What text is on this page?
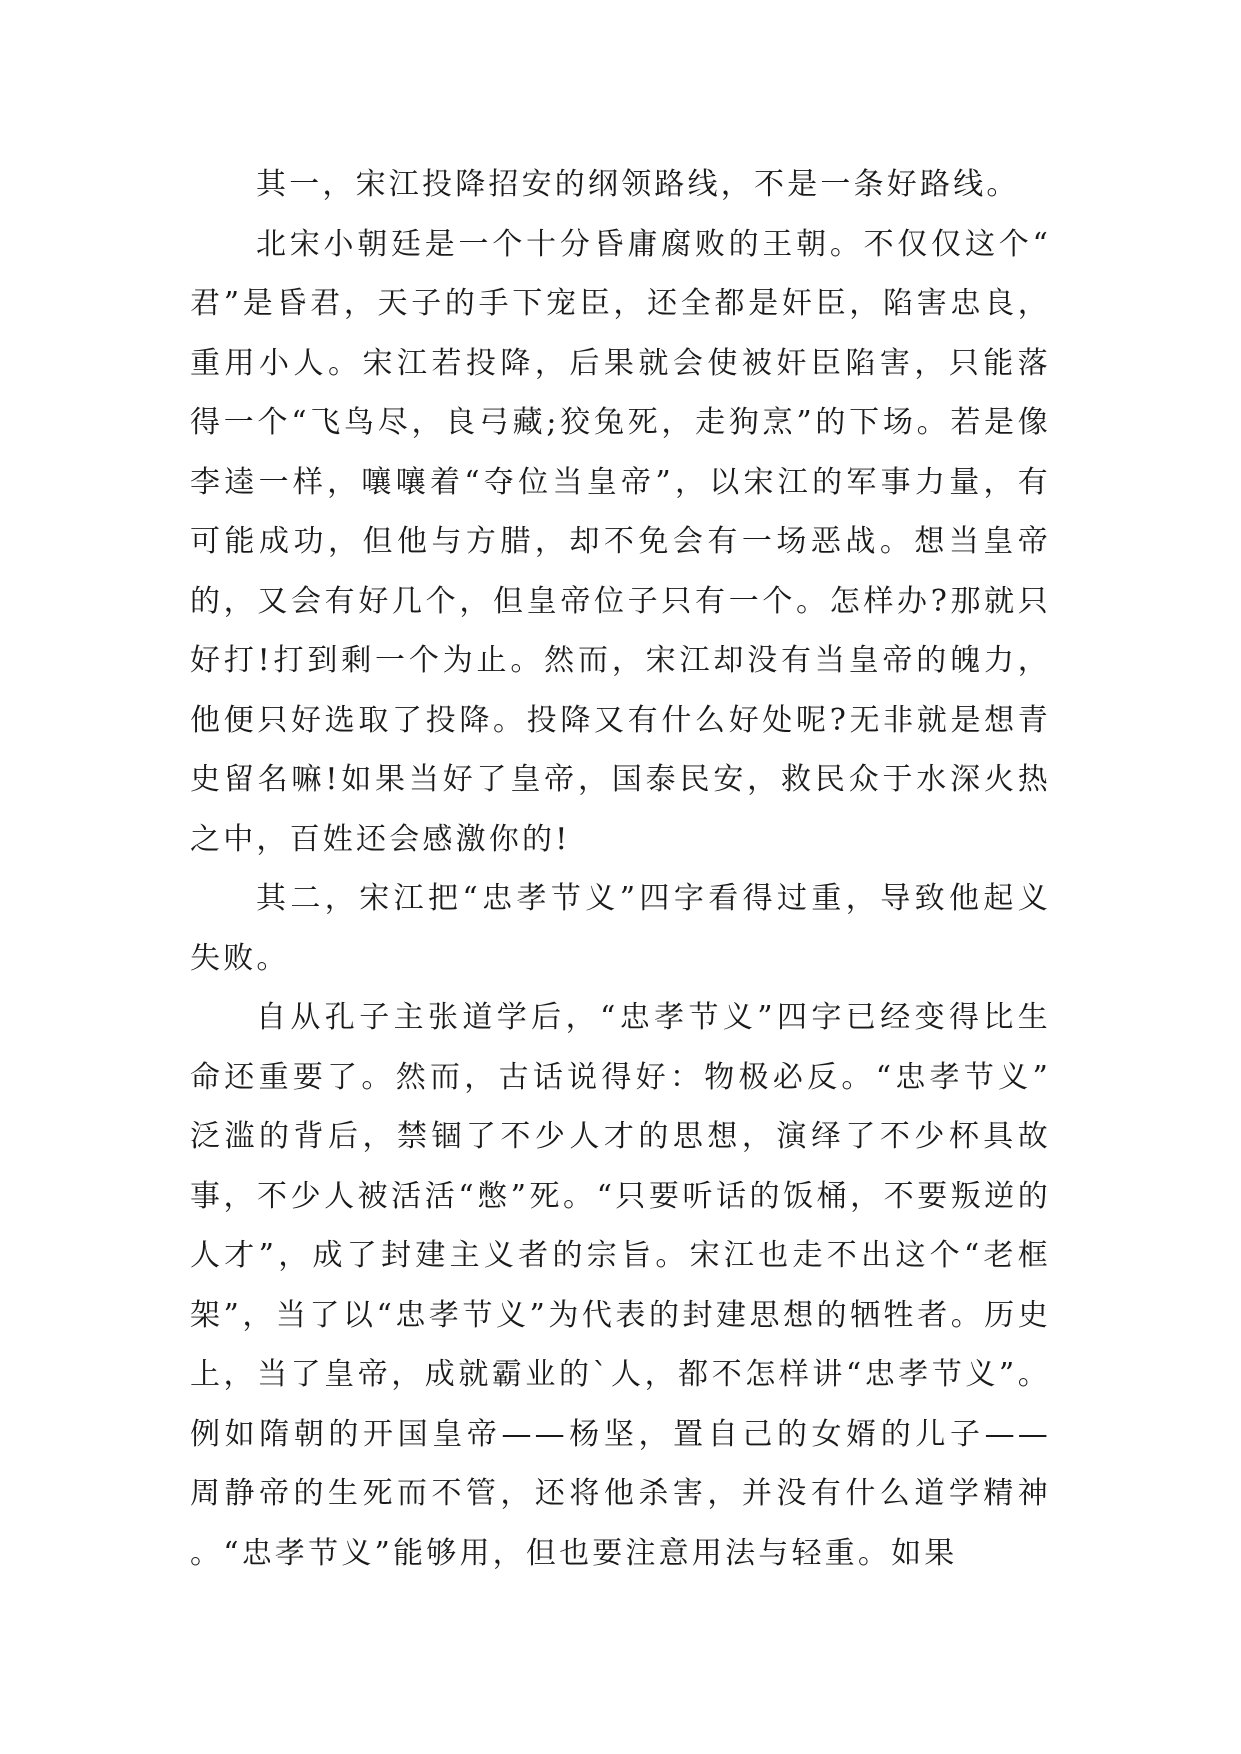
其一，宋江投降招安的纲领路线，不是一条好路线。

北宋小朝廷是一个十分昏庸腐败的王朝。不仅仅这个“君”是昏君，天子的手下宠臣，还全都是奸臣，陷害忠良，重用小人。宋江若投降，后果就会使被奸臣陷害，只能落得一个“飞鸟尽，良弓藏;狡兔死，走狗烹”的下场。若是像李逵一样，嚷嚷着“夺位当皇帝”，以宋江的军事力量，有可能成功，但他与方腊，却不免会有一场恶战。想当皇帝的，又会有好几个，但皇帝位子只有一个。怎样办?那就只好打!打到剩一个为止。然而，宋江却没有当皇帝的魄力，他便只好选取了投降。投降又有什么好处呢?无非就是想青史留名嘛!如果当好了皇帝，国泰民安，救民众于水深火热之中，百姓还会感激你的!

其二，宋江把“忠孝节义”四字看得过重，导致他起义失败。

自从孔子主张道学后，“忠孝节义”四字已经变得比生命还重要了。然而，古话说得好：物极必反。“忠孝节义”泛滥的背后，禁锢了不少人才的思想，演绎了不少杯具故事，不少人被活活“憋”死。“只要听话的饭桶，不要叛逆的人才”，成了封建主义者的宗旨。宋江也走不出这个“老框架”，当了以“忠孝节义”为代表的封建思想的牺牲者。历史上，当了皇帝，成就霸业的`人，都不怎样讲“忠孝节义”。例如隋朝的开国皇帝——杨坚，置自己的女婿的儿子——周静帝的生死而不管，还将他杀害，并没有什么道学精神。“忠孝节义”能够用，但也要注意用法与轻重。如果
